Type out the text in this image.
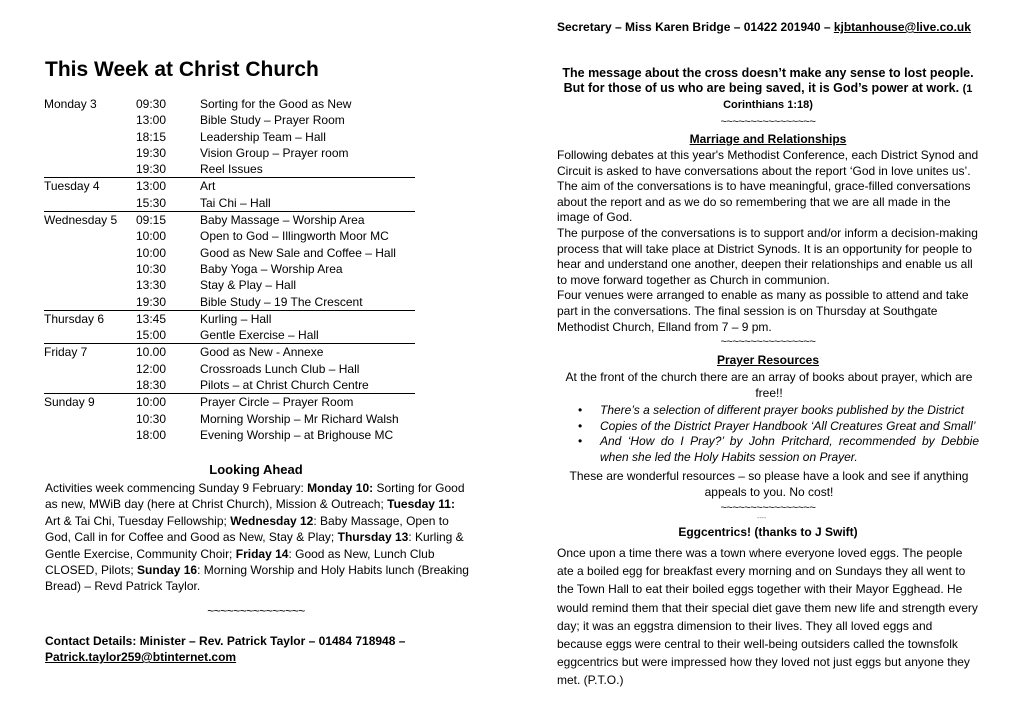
This Week at Christ Church
Monday 3	09:30	Sorting for the Good as New
13:00	Bible Study – Prayer Room
18:15	Leadership Team – Hall
19:30	Vision Group – Prayer room
19:30	Reel Issues
Tuesday 4	13:00	Art
15:30	Tai Chi – Hall
Wednesday 5	09:15	Baby Massage – Worship Area
10:00	Open to God – Illingworth Moor MC
10:00	Good as New Sale and Coffee – Hall
10:30	Baby Yoga – Worship Area
13:30	Stay & Play – Hall
19:30	Bible Study – 19 The Crescent
Thursday 6	13:45	Kurling – Hall
15:00	Gentle Exercise – Hall
Friday 7	10.00	Good as New - Annexe
12:00	Crossroads Lunch Club – Hall
18:30	Pilots – at Christ Church Centre
Sunday 9	10:00	Prayer Circle – Prayer Room
10:30	Morning Worship – Mr Richard Walsh
18:00	Evening Worship – at Brighouse MC
Looking Ahead
Activities week commencing Sunday 9 February: Monday 10: Sorting for Good as new, MWiB day (here at Christ Church), Mission & Outreach; Tuesday 11: Art & Tai Chi, Tuesday Fellowship; Wednesday 12: Baby Massage, Open to God, Call in for Coffee and Good as New, Stay & Play; Thursday 13: Kurling & Gentle Exercise, Community Choir; Friday 14: Good as New, Lunch Club CLOSED, Pilots; Sunday 16: Morning Worship and Holy Habits lunch (Breaking Bread) – Revd Patrick Taylor.
~~~~~~~~~~~~~~~
Contact Details: Minister – Rev. Patrick Taylor – 01484 718948 –
Patrick.taylor259@btinternet.com
Secretary – Miss Karen Bridge – 01422 201940 – kjbtanhouse@live.co.uk
The message about the cross doesn’t make any sense to lost people. But for those of us who are being saved, it is God’s power at work. (1 Corinthians 1:18)
~~~~~~~~~~~~~~~~
Marriage and Relationships
Following debates at this year's Methodist Conference, each District Synod and Circuit is asked to have conversations about the report ‘God in love unites us’. The aim of the conversations is to have meaningful, grace-filled conversations about the report and as we do so remembering that we are all made in the image of God.
The purpose of the conversations is to support and/or inform a decision-making process that will take place at District Synods. It is an opportunity for people to hear and understand one another, deepen their relationships and enable us all to move forward together as Church in communion.
Four venues were arranged to enable as many as possible to attend and take part in the conversations. The final session is on Thursday at Southgate Methodist Church, Elland from 7 – 9 pm.
~~~~~~~~~~~~~~~~
Prayer Resources
At the front of the church there are an array of books about prayer, which are free!!
• There’s a selection of different prayer books published by the District
• Copies of the District Prayer Handbook ‘All Creatures Great and Small’
• And ‘How do I Pray?’ by John Pritchard, recommended by Debbie when she led the Holy Habits session on Prayer.
These are wonderful resources – so please have a look and see if anything appeals to you. No cost!
~~~~~~~~~~~~~~~~
----
Eggcentrics! (thanks to J Swift)
Once upon a time there was a town where everyone loved eggs. The people ate a boiled egg for breakfast every morning and on Sundays they all went to the Town Hall to eat their boiled eggs together with their Mayor Egghead. He would remind them that their special diet gave them new life and strength every day; it was an eggstra dimension to their lives. They all loved eggs and because eggs were central to their well-being outsiders called the townsfolk eggcentrics but were impressed how they loved not just eggs but anyone they met. (P.T.O.)
